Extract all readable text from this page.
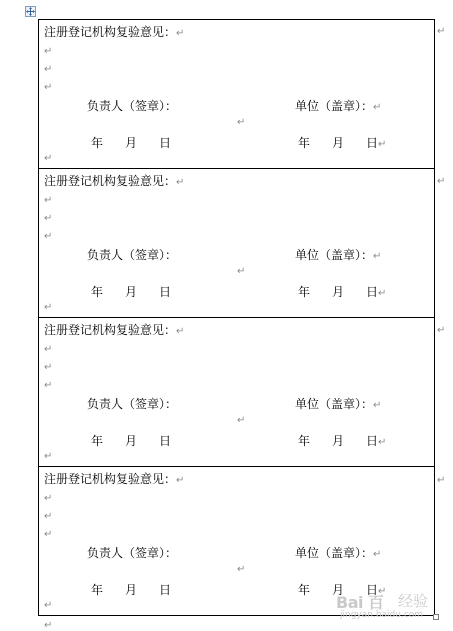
注册登记机构复验意见：↵
↵
↵
↵
负责人（签章）：	单位（盖章）：↵
↵
年 月 日	年 月 日↵
↵
注册登记机构复验意见：↵
↵
↵
↵
负责人（签章）：	单位（盖章）：↵
↵
年 月 日	年 月 日↵
↵
注册登记机构复验意见：↵
↵
↵
↵
负责人（签章）：	单位（盖章）：↵
↵
年 月 日	年 月 日↵
↵
注册登记机构复验意见：↵
↵
↵
↵
负责人（签章）：	单位（盖章）：↵
↵
年 月 日	年 月 日↵
↵
↵
↵
↵
↵
↵
Bai 百 经验
jingyan.baidu.com
